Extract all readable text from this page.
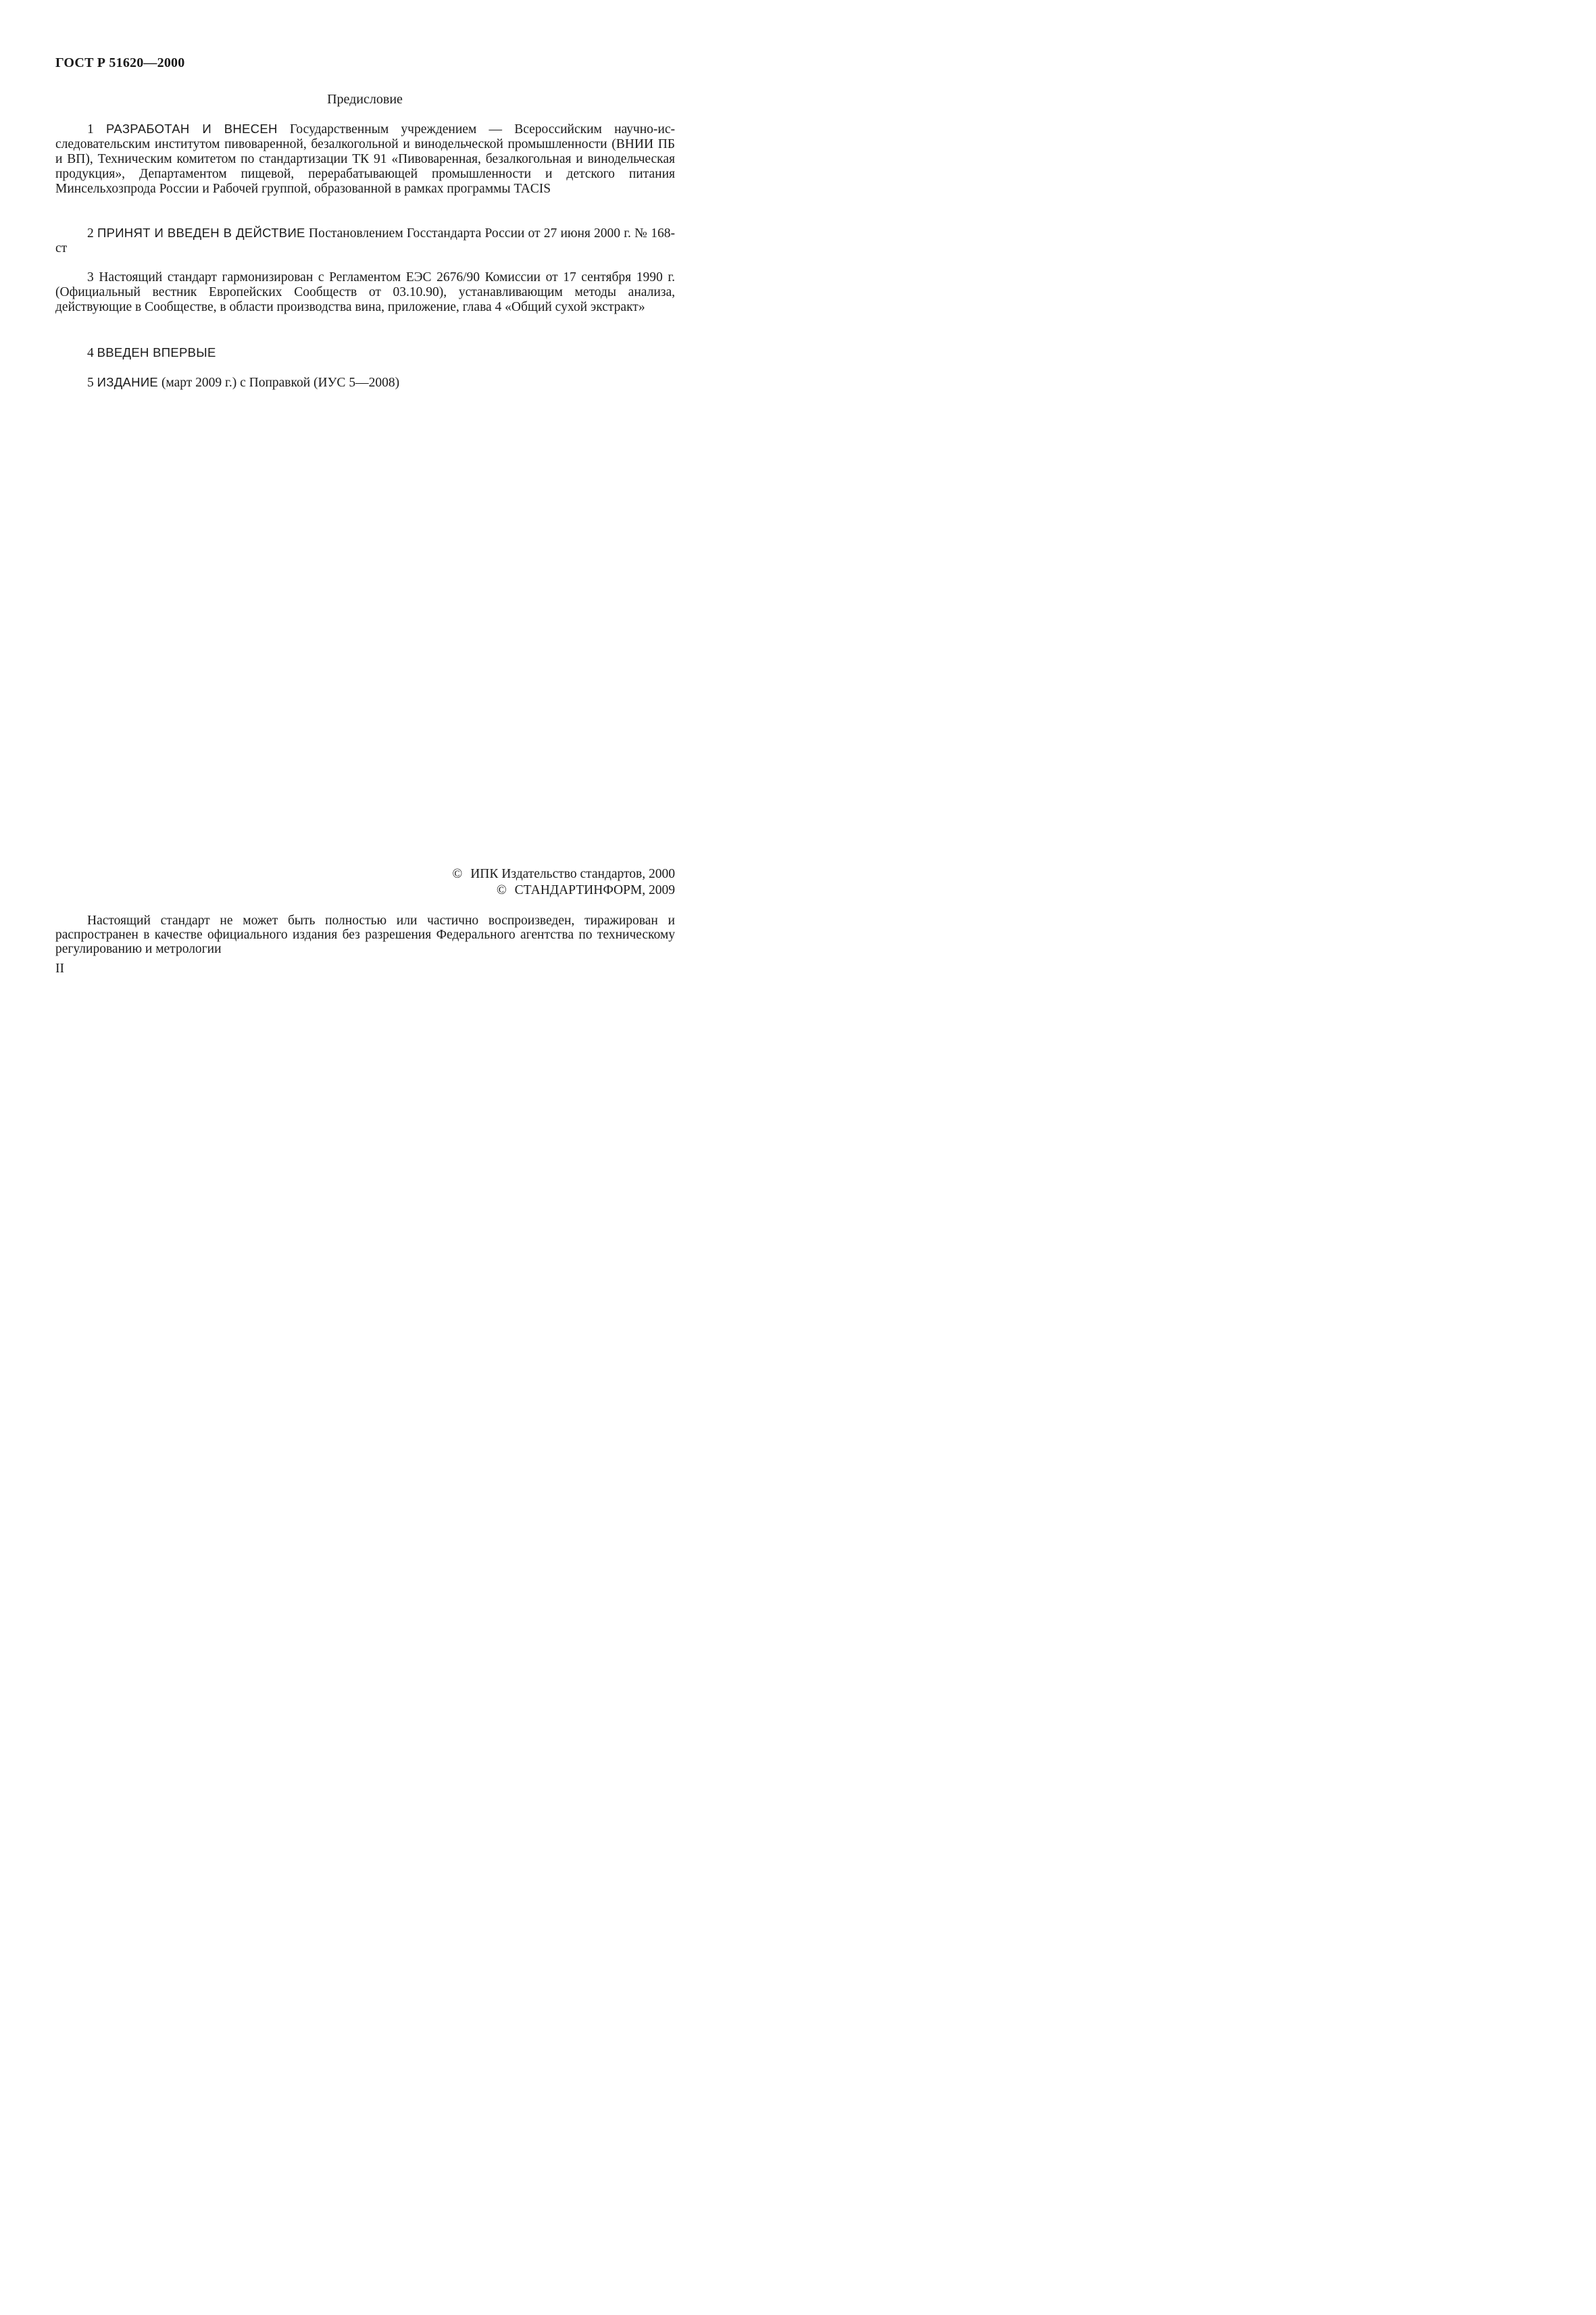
ГОСТ Р 51620—2000
Предисловие
1 РАЗРАБОТАН И ВНЕСЕН Государственным учреждением — Всероссийским научно-исследовательским институтом пивоваренной, безалкогольной и винодельческой промышленности (ВНИИ ПБ и ВП), Техническим комитетом по стандартизации ТК 91 «Пивоваренная, безалкогольная и винодельческая продукция», Департаментом пищевой, перерабатывающей промышленности и детского питания Минсельхозпрода России и Рабочей группой, образованной в рамках программы TACIS
2 ПРИНЯТ И ВВЕДЕН В ДЕЙСТВИЕ Постановлением Госстандарта России от 27 июня 2000 г. № 168-ст
3 Настоящий стандарт гармонизирован с Регламентом ЕЭС 2676/90 Комиссии от 17 сентября 1990 г. (Официальный вестник Европейских Сообществ от 03.10.90), устанавливающим методы анализа, действующие в Сообществе, в области производства вина, приложение, глава 4 «Общий сухой экстракт»
4 ВВЕДЕН ВПЕРВЫЕ
5 ИЗДАНИЕ (март 2009 г.) с Поправкой (ИУС 5—2008)
© ИПК Издательство стандартов, 2000
© СТАНДАРТИНФОРМ, 2009
Настоящий стандарт не может быть полностью или частично воспроизведен, тиражирован и распространен в качестве официального издания без разрешения Федерального агентства по техническому регулированию и метрологии
II
